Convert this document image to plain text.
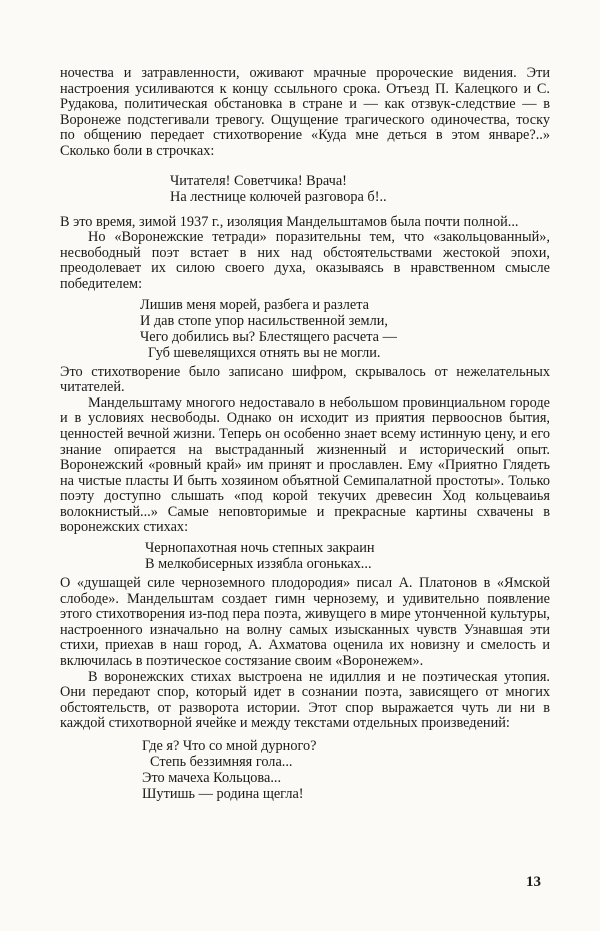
ночества и затравленности, оживают мрачные пророческие видения. Эти настроения усиливаются к концу ссыльного срока. Отъезд П. Калецкого и С. Рудакова, политическая обстановка в стране и — как отзвук-следствие — в Воронеже подстегивали тревогу. Ощущение трагического одиночества, тоску по общению передает стихотворение «Куда мне деться в этом январе?..» Сколько боли в строчках:

Читателя! Советчика! Врача!
На лестнице колючей разговора б!..

В это время, зимой 1937 г., изоляция Мандельштамов была почти полной...

Но «Воронежские тетради» поразительны тем, что «закольцованный», несвободный поэт встает в них над обстоятельствами жестокой эпохи, преодолевает их силою своего духа, оказываясь в нравственном смысле победителем:

Лишив меня морей, разбега и разлета
И дав стопе упор насильственной земли,
Чего добились вы? Блестящего расчета —
Губ шевелящихся отнять вы не могли.

Это стихотворение было записано шифром, скрывалось от нежелательных читателей.

Мандельштаму многого недоставало в небольшом провинциальном городе и в условиях несвободы. Однако он исходит из приятия первооснов бытия, ценностей вечной жизни. Теперь он особенно знает всему истинную цену, и его знание опирается на выстраданный жизненный и исторический опыт. Воронежский «ровный край» им принят и прославлен. Ему «Приятно Глядеть на чистые пласты И быть хозяином объятной Семипалатной простоты». Только поэту доступно слышать «под корой текучих древесин Ход кольцеваиья волокнистый...» Самые неповторимые и прекрасные картины схвачены в воронежских стихах:

Чернопахотная ночь степных закраин
В мелкобисерных иззябла огоньках...

О «душащей силе черноземного плодородия» писал А. Платонов в «Ямской слободе». Мандельштам создает гимн чернозему, и удивительно появление этого стихотворения из-под пера поэта, живущего в мире утонченной культуры, настроенного изначально на волну самых изысканных чувств Узнавшая эти стихи, приехав в наш город, А. Ахматова оценила их новизну и смелость и включилась в поэтическое состязание своим «Воронежем».

В воронежских стихах выстроена не идиллия и не поэтическая утопия. Они передают спор, который идет в сознании поэта, зависящего от многих обстоятельств, от разворота истории. Этот спор выражается чуть ли ни в каждой стихотворной ячейке и между текстами отдельных произведений:

Где я? Что со мной дурного?
Степь беззимняя гола...
Это мачеха Кольцова...
Шутишь — родина щегла!
13
